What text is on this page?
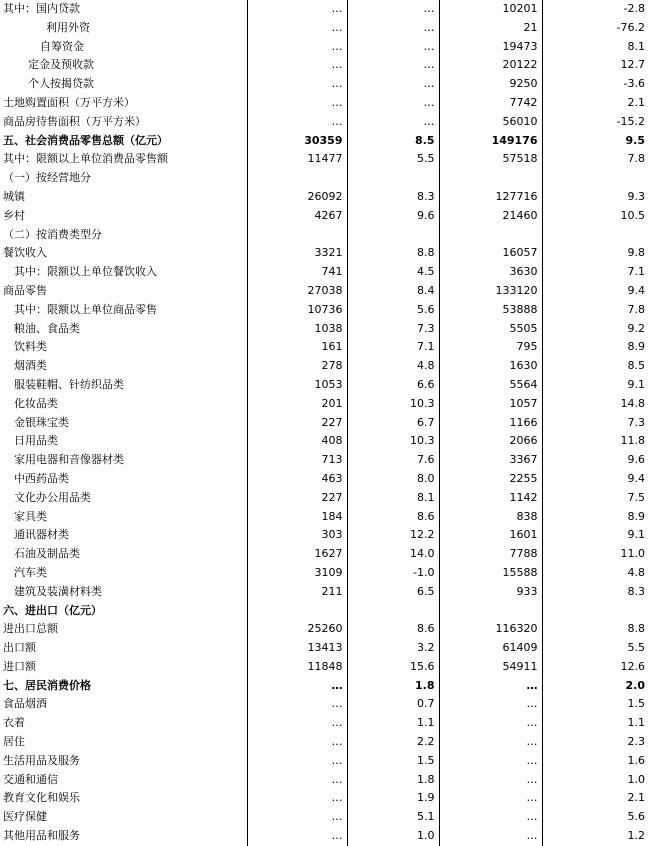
其中：国内贷款	…	…	10201	-2.8
利用外资	…	…	21	-76.2
自筹资金	…	…	19473	8.1
定金及预收款	…	…	20122	12.7
个人按揭贷款	…	…	9250	-3.6
土地购置面积（万平方米）	…	…	7742	2.1
商品房待售面积（万平方米）	…	…	56010	-15.2
五、社会消费品零售总额（亿元）	30359	8.5	149176	9.5
其中：限额以上单位消费品零售额	11477	5.5	57518	7.8
（一）按经营地分				
城镇	26092	8.3	127716	9.3
乡村	4267	9.6	21460	10.5
（二）按消费类型分				
餐饮收入	3321	8.8	16057	9.8
其中：限额以上单位餐饮收入	741	4.5	3630	7.1
商品零售	27038	8.4	133120	9.4
其中：限额以上单位商品零售	10736	5.6	53888	7.8
粮油、食品类	1038	7.3	5505	9.2
饮料类	161	7.1	795	8.9
烟酒类	278	4.8	1630	8.5
服装鞋帽、针纺织品类	1053	6.6	5564	9.1
化妆品类	201	10.3	1057	14.8
金银珠宝类	227	6.7	1166	7.3
日用品类	408	10.3	2066	11.8
家用电器和音像器材类	713	7.6	3367	9.6
中西药品类	463	8.0	2255	9.4
文化办公用品类	227	8.1	1142	7.5
家具类	184	8.6	838	8.9
通讯器材类	303	12.2	1601	9.1
石油及制品类	1627	14.0	7788	11.0
汽车类	3109	-1.0	15588	4.8
建筑及装潢材料类	211	6.5	933	8.3
六、进出口（亿元）				
进出口总额	25260	8.6	116320	8.8
出口额	13413	3.2	61409	5.5
进口额	11848	15.6	54911	12.6
七、居民消费价格	…	1.8	…	2.0
食品烟酒	…	0.7	…	1.5
衣着	…	1.1	…	1.1
居住	…	2.2	…	2.3
生活用品及服务	…	1.5	…	1.6
交通和通信	…	1.8	…	1.0
教育文化和娱乐	…	1.9	…	2.1
医疗保健	…	5.1	…	5.6
其他用品和服务	…	1.0	…	1.2
